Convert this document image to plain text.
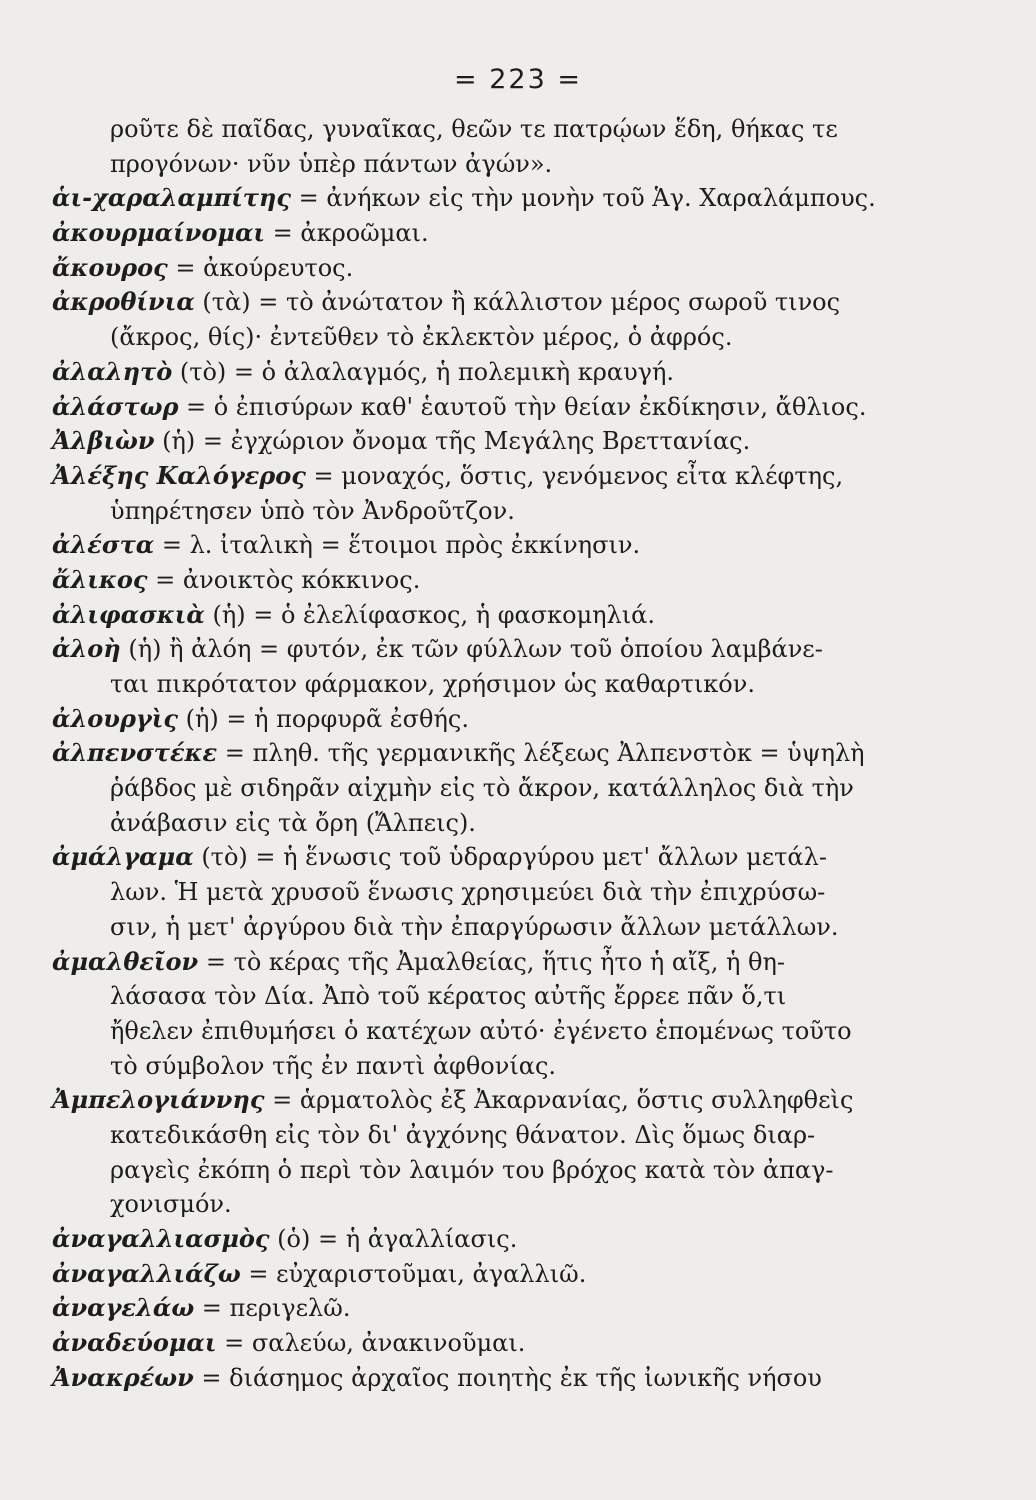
= 223 =
ροῦτε δὲ παῖδας, γυναῖκας, θεῶν τε πατρῴων ἕδη, θήκας τε
προγόνων· νῦν ὑπὲρ πάντων ἀγών».
ἁι-χαραλαμπίτης = ἀνήκων εἰς τὴν μονὴν τοῦ Ἁγ. Χαραλάμπους.
ἀκουρμαίνομαι = ἀκροῶμαι.
ἄκουρος = ἀκούρευτος.
ἀκροθίνια (τὰ) = τὸ ἀνώτατον ἢ κάλλιστον μέρος σωροῦ τινος
(ἄκρος, θίς)· ἐντεῦθεν τὸ ἐκλεκτὸν μέρος, ὁ ἀφρός.
ἀλαλητὸ (τὸ) = ὁ ἀλαλαγμός, ἡ πολεμικὴ κραυγή.
ἀλάστωρ = ὁ ἐπισύρων καθ' ἑαυτοῦ τὴν θείαν ἐκδίκησιν, ἄθλιος.
Ἀλβιὼν (ἡ) = ἐγχώριον ὄνομα τῆς Μεγάλης Βρεττανίας.
Ἀλέξης Καλόγερος = μοναχός, ὅστις, γενόμενος εἶτα κλέφτης,
ὑπηρέτησεν ὑπὸ τὸν Ἀνδροῦτζον.
ἀλέστα = λ. ἰταλικὴ = ἕτοιμοι πρὸς ἐκκίνησιν.
ἄλικος = ἀνοικτὸς κόκκινος.
ἀλιφασκιὰ (ἡ) = ὁ ἐλελίφασκος, ἡ φασκομηλιά.
ἀλοὴ (ἡ) ἢ ἀλόη = φυτόν, ἐκ τῶν φύλλων τοῦ ὁποίου λαμβάνε-
ται πικρότατον φάρμακον, χρήσιμον ὡς καθαρτικόν.
ἀλουργὶς (ἡ) = ἡ πορφυρᾶ ἐσθής.
ἀλπενστέκε = πληθ. τῆς γερμανικῆς λέξεως Ἀλπενστὸκ = ὑψηλὴ
ῥάβδος μὲ σιδηρᾶν αἰχμὴν εἰς τὸ ἄκρον, κατάλληλος διὰ τὴν
ἀνάβασιν εἰς τὰ ὄρη (Ἄλπεις).
ἀμάλγαμα (τὸ) = ἡ ἕνωσις τοῦ ὑδραργύρου μετ' ἄλλων μετάλ-
λων. Ἡ μετὰ χρυσοῦ ἕνωσις χρησιμεύει διὰ τὴν ἐπιχρύσω-
σιν, ἡ μετ' ἀργύρου διὰ τὴν ἐπαργύρωσιν ἄλλων μετάλλων.
ἀμαλθεῖον = τὸ κέρας τῆς Ἀμαλθείας, ἥτις ἦτο ἡ αἴξ, ἡ θη-
λάσασα τὸν Δία. Ἀπὸ τοῦ κέρατος αὐτῆς ἔρρεε πᾶν ὅ,τι
ἤθελεν ἐπιθυμήσει ὁ κατέχων αὐτό· ἐγένετο ἑπομένως τοῦτο
τὸ σύμβολον τῆς ἐν παντὶ ἀφθονίας.
Ἀμπελογιάννης = ἁρματολὸς ἐξ Ἀκαρνανίας, ὅστις συλληφθεὶς
κατεδικάσθη εἰς τὸν δι' ἀγχόνης θάνατον. Δὶς ὅμως διαρ-
ραγεὶς ἐκόπη ὁ περὶ τὸν λαιμόν του βρόχος κατὰ τὸν ἀπαγ-
χονισμόν.
ἀναγαλλιασμὸς (ὁ) = ἡ ἀγαλλίασις.
ἀναγαλλιάζω = εὐχαριστοῦμαι, ἀγαλλιῶ.
ἀναγελάω = περιγελῶ.
ἀναδεύομαι = σαλεύω, ἀνακινοῦμαι.
Ἀνακρέων = διάσημος ἀρχαῖος ποιητὴς ἐκ τῆς ἰωνικῆς νήσου
